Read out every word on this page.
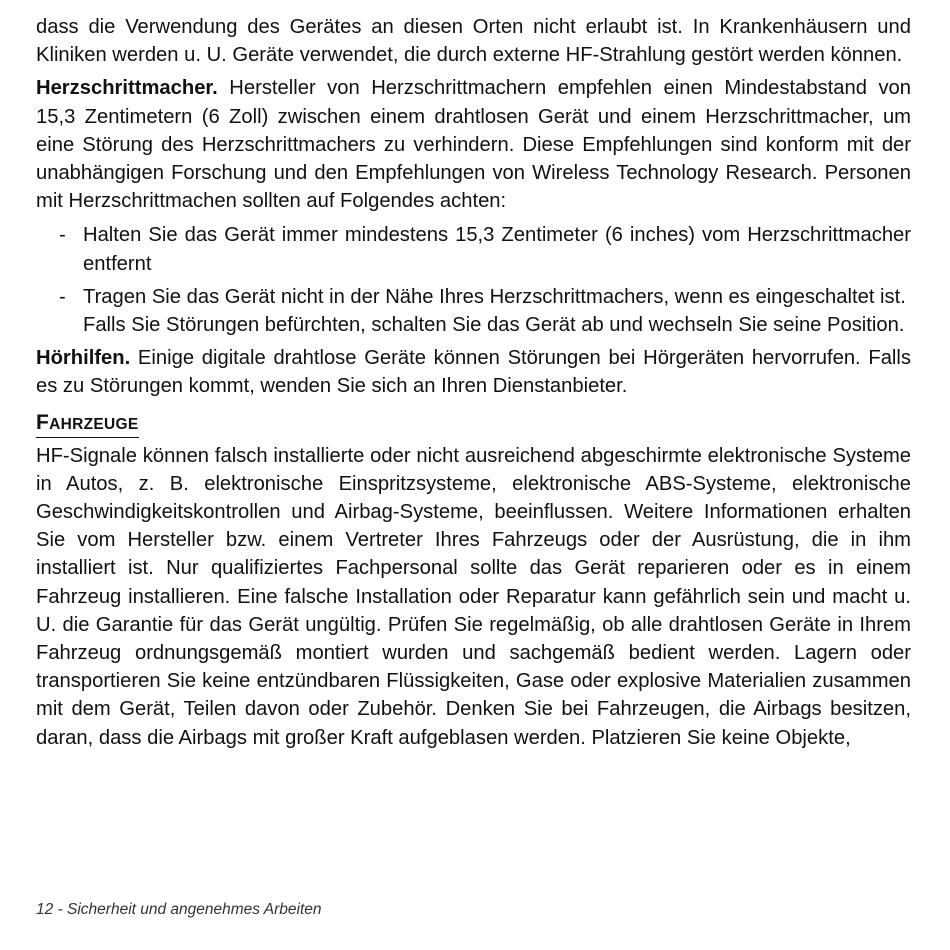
dass die Verwendung des Gerätes an diesen Orten nicht erlaubt ist. In Krankenhäusern und Kliniken werden u. U. Geräte verwendet, die durch externe HF-Strahlung gestört werden können.

Herzschrittmacher. Hersteller von Herzschrittmachern empfehlen einen Mindestabstand von 15,3 Zentimetern (6 Zoll) zwischen einem drahtlosen Gerät und einem Herzschrittmacher, um eine Störung des Herzschrittmachers zu verhindern. Diese Empfehlungen sind konform mit der unabhängigen Forschung und den Empfehlungen von Wireless Technology Research. Personen mit Herzschrittmachen sollten auf Folgendes achten:

- Halten Sie das Gerät immer mindestens 15,3 Zentimeter (6 inches) vom Herzschrittmacher entfernt
- Tragen Sie das Gerät nicht in der Nähe Ihres Herzschrittmachers, wenn es eingeschaltet ist.
Falls Sie Störungen befürchten, schalten Sie das Gerät ab und wechseln Sie seine Position.

Hörhilfen. Einige digitale drahtlose Geräte können Störungen bei Hörgeräten hervorrufen. Falls es zu Störungen kommt, wenden Sie sich an Ihren Dienstanbieter.

FAHRZEUGE

HF-Signale können falsch installierte oder nicht ausreichend abgeschirmte elektronische Systeme in Autos, z. B. elektronische Einspritzsysteme, elektronische ABS-Systeme, elektronische Geschwindigkeitskontrollen und Airbag-Systeme, beeinflussen. Weitere Informationen erhalten Sie vom Hersteller bzw. einem Vertreter Ihres Fahrzeugs oder der Ausrüstung, die in ihm installiert ist. Nur qualifiziertes Fachpersonal sollte das Gerät reparieren oder es in einem Fahrzeug installieren. Eine falsche Installation oder Reparatur kann gefährlich sein und macht u. U. die Garantie für das Gerät ungültig. Prüfen Sie regelmäßig, ob alle drahtlosen Geräte in Ihrem Fahrzeug ordnungsgemäß montiert wurden und sachgemäß bedient werden. Lagern oder transportieren Sie keine entzündbaren Flüssigkeiten, Gase oder explosive Materialien zusammen mit dem Gerät, Teilen davon oder Zubehör. Denken Sie bei Fahrzeugen, die Airbags besitzen, daran, dass die Airbags mit großer Kraft aufgeblasen werden. Platzieren Sie keine Objekte,

12 - Sicherheit und angenehmes Arbeiten
